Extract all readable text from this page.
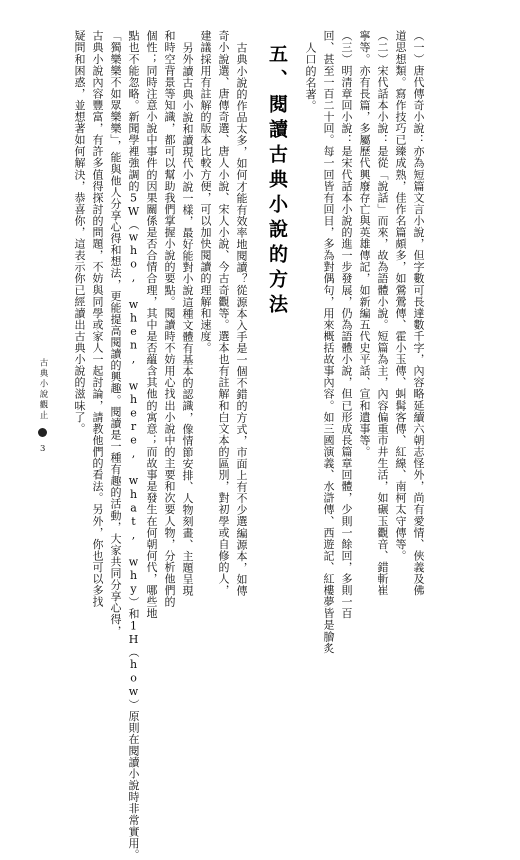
（一）唐代傳奇小說：亦為短篇文言小說，但字數可長達數千字，內容略延續六朝志怪外，尚有愛情、俠義及佛
道思想類。寫作技巧已臻成熟，佳作名篇頗多，如鶯鶯傳、霍小玉傳、虯髯客傳、紅線、南柯太守傳等。
（二）宋代話本小說：是從「說話」而來，故為語體小說。短篇為主，內容偏重市井生活，如碾玉觀音、錯斬崔
寧等。亦有長篇，多屬歷代興廢存亡與英雄傳記，如新編五代史平話、宣和遺事等。
（三）明清章回小說：是宋代話本小說的進一步發展，仍為語體小說，但已形成長篇章回體，少則一餘回，多則一百
回、甚至一百二十回。每一回皆有回目，多為對偶句，用來概括故事內容。如三國演義、水滸傳、西遊記、紅樓夢皆是膾炙
人口的名著。
五、閱讀古典小說的方法
古典小說的作品太多，如何才能有效率地閱讀？從源本入手是一個不錯的方式，市面上有不少選編源本，如傳
奇小說選、唐傳奇選、唐人小說、宋人小說、今古奇觀等。選本也有註解和白文本的區別，對初學或自修的人，
建議採用有註解的版本比較方便，可以加快閱讀的理解和速度。
另外讀古典小說和讀現代小說一樣，最好能對小說這種文體有基本的認識，像情節安排、人物刻畫、主題呈現
和時空背景等知識，都可以幫助我們掌握小說的要點。閱讀時不妨用心找出小說中的主要和次要人物，分析他們的
個性；同時注意小說中事件的因果關係是否合情合理，其中是否蘊含其他的寓意；而故事是發生在何朝何代，哪些地
點也不能忽略。新聞學裡強調的5W（who, when, where, what, why）和1H（how）原則在閱讀小說時非常實用。
「獨樂樂不如眾樂樂」，能與他人分享心得和想法，更能提高閱讀的興趣。閱讀是一種有趣的活動，大家共同分享心得，
古典小說內容豐富，有許多值得探討的問題，不妨與同學或家人一起討論，請教他們的看法。另外，你也可以多找
疑問和困惑，並想著如何解決，恭喜你，這表示你已經讀出古典小說的滋味了。
古典小說觀止
3
